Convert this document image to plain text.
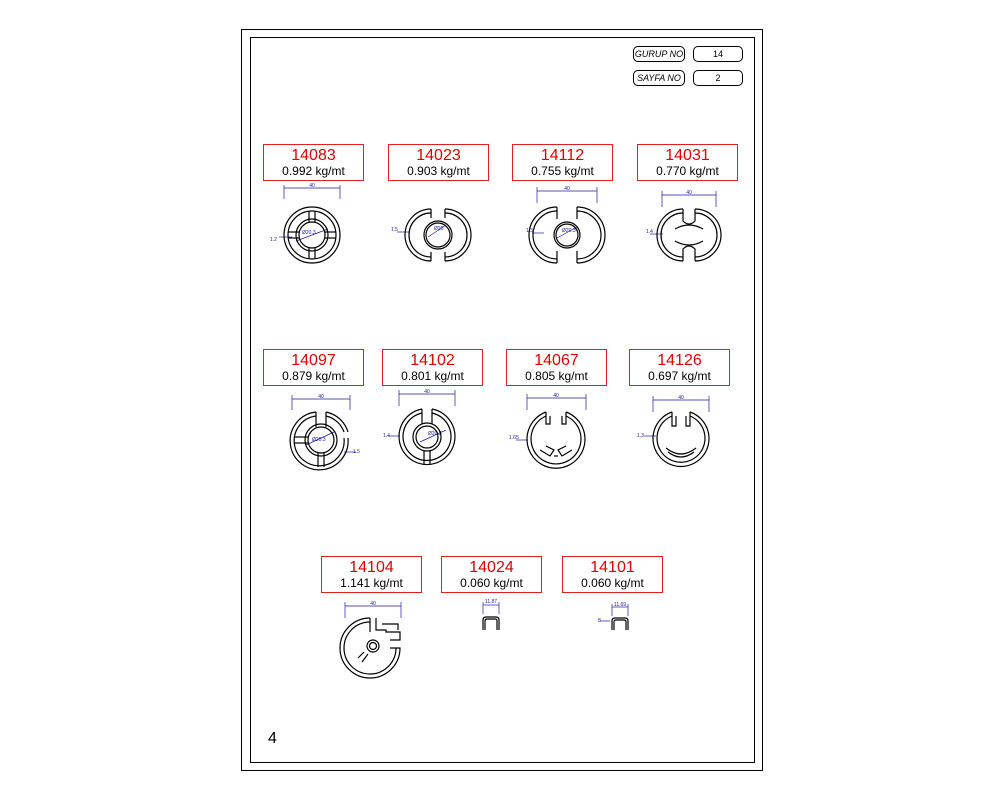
GURUP NO	14
SAYFA NO	2
14083
0.992 kg/mt
40
1.2
Ø20.3
14023
0.903 kg/mt
1.5	Ø20
14112
0.755 kg/mt
40
1.3	Ø20.3
14031
0.770 kg/mt
40
1.4
14097
0.879 kg/mt
40
Ø20.3
1.5
14102
0.801 kg/mt
40
1.4	Ø20.3
14067
0.805 kg/mt
40
1.65
14126
0.697 kg/mt
40
1.3
14104
1.141 kg/mt
40
14024
0.060 kg/mt
11.87
14101
0.060 kg/mt
11.69
8
4
